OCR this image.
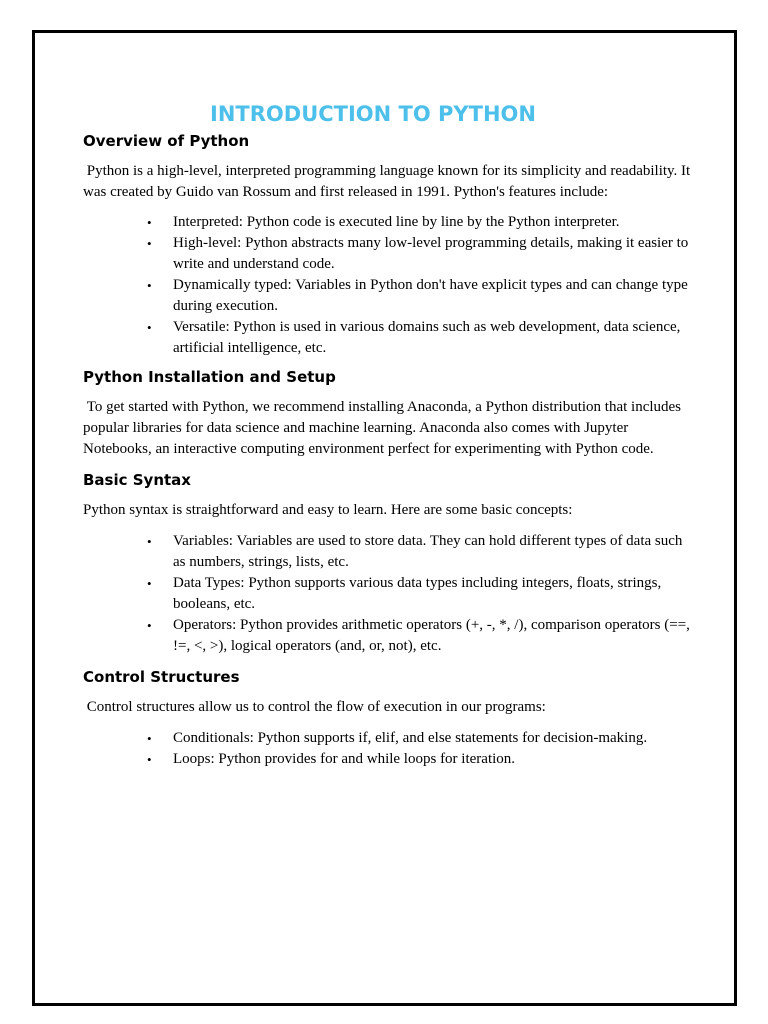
INTRODUCTION TO PYTHON
Overview of Python

Python is a high-level, interpreted programming language known for its simplicity and readability. It was created by Guido van Rossum and first released in 1991. Python's features include:

• Interpreted: Python code is executed line by line by the Python interpreter.
• High-level: Python abstracts many low-level programming details, making it easier to write and understand code.
• Dynamically typed: Variables in Python don't have explicit types and can change type during execution.
• Versatile: Python is used in various domains such as web development, data science, artificial intelligence, etc.
Python Installation and Setup

To get started with Python, we recommend installing Anaconda, a Python distribution that includes popular libraries for data science and machine learning. Anaconda also comes with Jupyter Notebooks, an interactive computing environment perfect for experimenting with Python code.

Basic Syntax

Python syntax is straightforward and easy to learn. Here are some basic concepts:

• Variables: Variables are used to store data. They can hold different types of data such as numbers, strings, lists, etc.
• Data Types: Python supports various data types including integers, floats, strings, booleans, etc.
• Operators: Python provides arithmetic operators (+, -, *, /), comparison operators (==, !=, <, >), logical operators (and, or, not), etc.
Control Structures

Control structures allow us to control the flow of execution in our programs:

• Conditionals: Python supports if, elif, and else statements for decision-making.
• Loops: Python provides for and while loops for iteration.
